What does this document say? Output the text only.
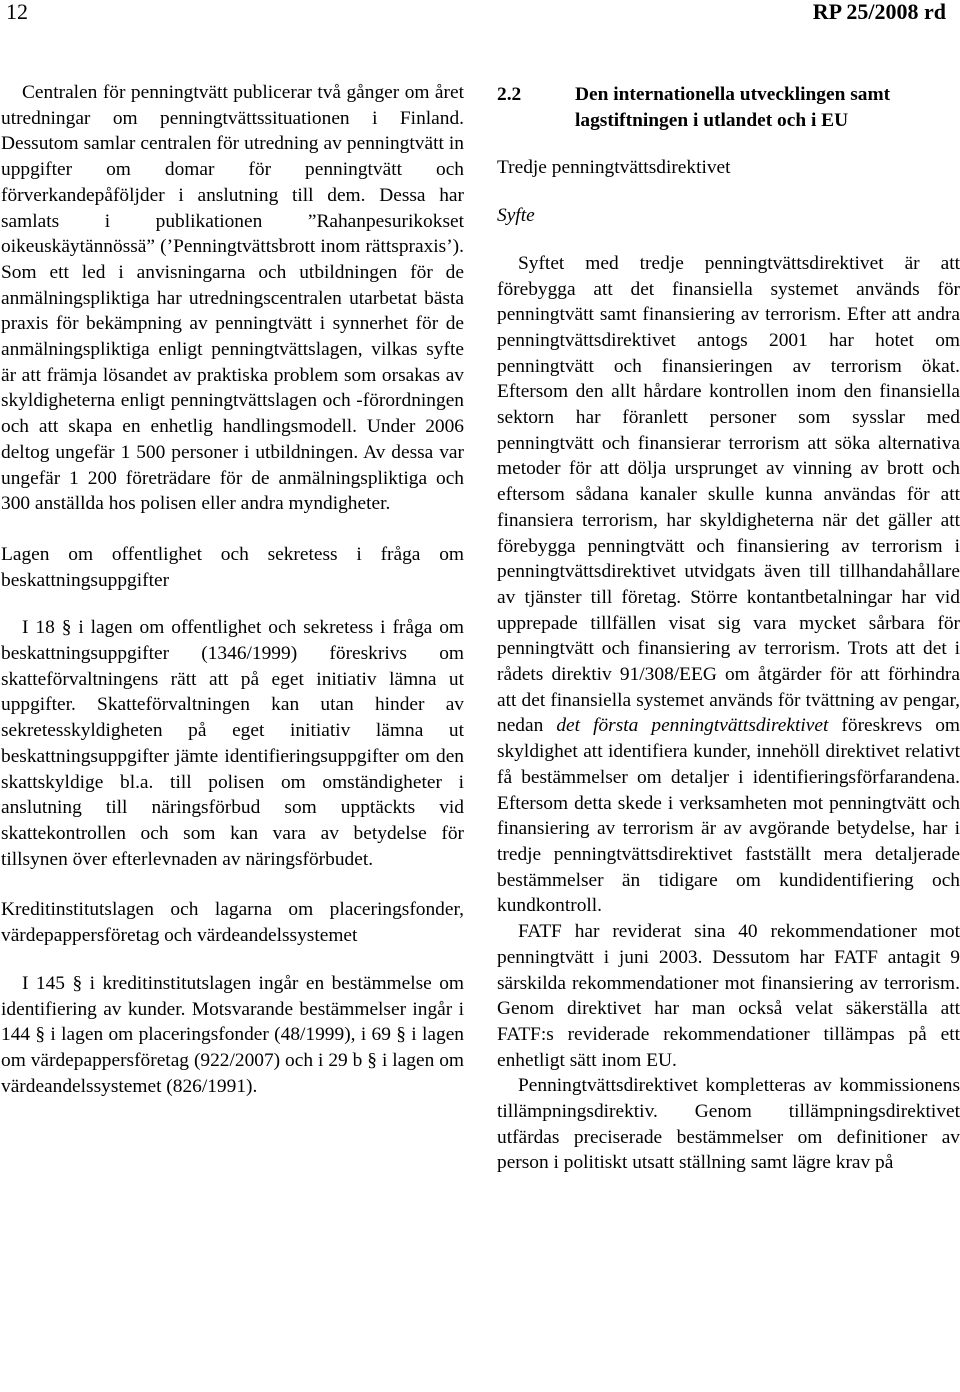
12	RP 25/2008 rd

Centralen för penningtvätt publicerar två gånger om året utredningar om penningtvättssituationen i Finland. Dessutom samlar centralen för utredning av penningtvätt in uppgifter om domar för penningtvätt och förverkandepåföljder i anslutning till dem. Dessa har samlats i publikationen ”Rahanpesurikokset oikeuskäytännössä” (’Penningtvättsbrott inom rättspraxis’). Som ett led i anvisningarna och utbildningen för de anmälningspliktiga har utredningscentralen utarbetat bästa praxis för bekämpning av penningtvätt i synnerhet för de anmälningspliktiga enligt penningtvättslagen, vilkas syfte är att främja lösandet av praktiska problem som orsakas av skyldigheterna enligt penningtvättslagen och -förordningen och att skapa en enhetlig handlingsmodell. Under 2006 deltog ungefär 1 500 personer i utbildningen. Av dessa var ungefär 1 200 företrädare för de anmälningspliktiga och 300 anställda hos polisen eller andra myndigheter.

Lagen om offentlighet och sekretess i fråga om beskattningsuppgifter

I 18 § i lagen om offentlighet och sekretess i fråga om beskattningsuppgifter (1346/1999) föreskrivs om skatteförvaltningens rätt att på eget initiativ lämna ut uppgifter. Skatteförvaltningen kan utan hinder av sekretesskyldigheten på eget initiativ lämna ut beskattningsuppgifter jämte identifieringsuppgifter om den skattskyldige bl.a. till polisen om omständigheter i anslutning till näringsförbud som upptäckts vid skattekontrollen och som kan vara av betydelse för tillsynen över efterlevnaden av näringsförbudet.

Kreditinstitutslagen och lagarna om placeringsfonder, värdepappersföretag och värdeandelssystemet

I 145 § i kreditinstitutslagen ingår en bestämmelse om identifiering av kunder. Motsvarande bestämmelser ingår i 144 § i lagen om placeringsfonder (48/1999), i 69 § i lagen om värdepappersföretag (922/2007) och i 29 b § i lagen om värdeandelssystemet (826/1991).

2.2	Den internationella utvecklingen samt lagstiftningen i utlandet och i EU

Tredje penningtvättsdirektivet

Syfte

Syftet med tredje penningtvättsdirektivet är att förebygga att det finansiella systemet används för penningtvätt samt finansiering av terrorism. Efter att andra penningtvättsdirektivet antogs 2001 har hotet om penningtvätt och finansieringen av terrorism ökat. Eftersom den allt hårdare kontrollen inom den finansiella sektorn har föranlett personer som sysslar med penningtvätt och finansierar terrorism att söka alternativa metoder för att dölja ursprunget av vinning av brott och eftersom sådana kanaler skulle kunna användas för att finansiera terrorism, har skyldigheterna när det gäller att förebygga penningtvätt och finansiering av terrorism i penningtvättsdirektivet utvidgats även till tillhandahållare av tjänster till företag. Större kontantbetalningar har vid upprepade tillfällen visat sig vara mycket sårbara för penningtvätt och finansiering av terrorism. Trots att det i rådets direktiv 91/308/EEG om åtgärder för att förhindra att det finansiella systemet används för tvättning av pengar, nedan det första penningtvättsdirektivet föreskrevs om skyldighet att identifiera kunder, innehöll direktivet relativt få bestämmelser om detaljer i identifieringsförfarandena. Eftersom detta skede i verksamheten mot penningtvätt och finansiering av terrorism är av avgörande betydelse, har i tredje penningtvättsdirektivet fastställt mera detaljerade bestämmelser än tidigare om kundidentifiering och kundkontroll.

FATF har reviderat sina 40 rekommendationer mot penningtvätt i juni 2003. Dessutom har FATF antagit 9 särskilda rekommendationer mot finansiering av terrorism. Genom direktivet har man också velat säkerställa att FATF:s reviderade rekommendationer tillämpas på ett enhetligt sätt inom EU.

Penningtvättsdirektivet kompletteras av kommissionens tillämpningsdirektiv. Genom tillämpningsdirektivet utfärdas preciserade bestämmelser om definitioner av person i politiskt utsatt ställning samt lägre krav på
